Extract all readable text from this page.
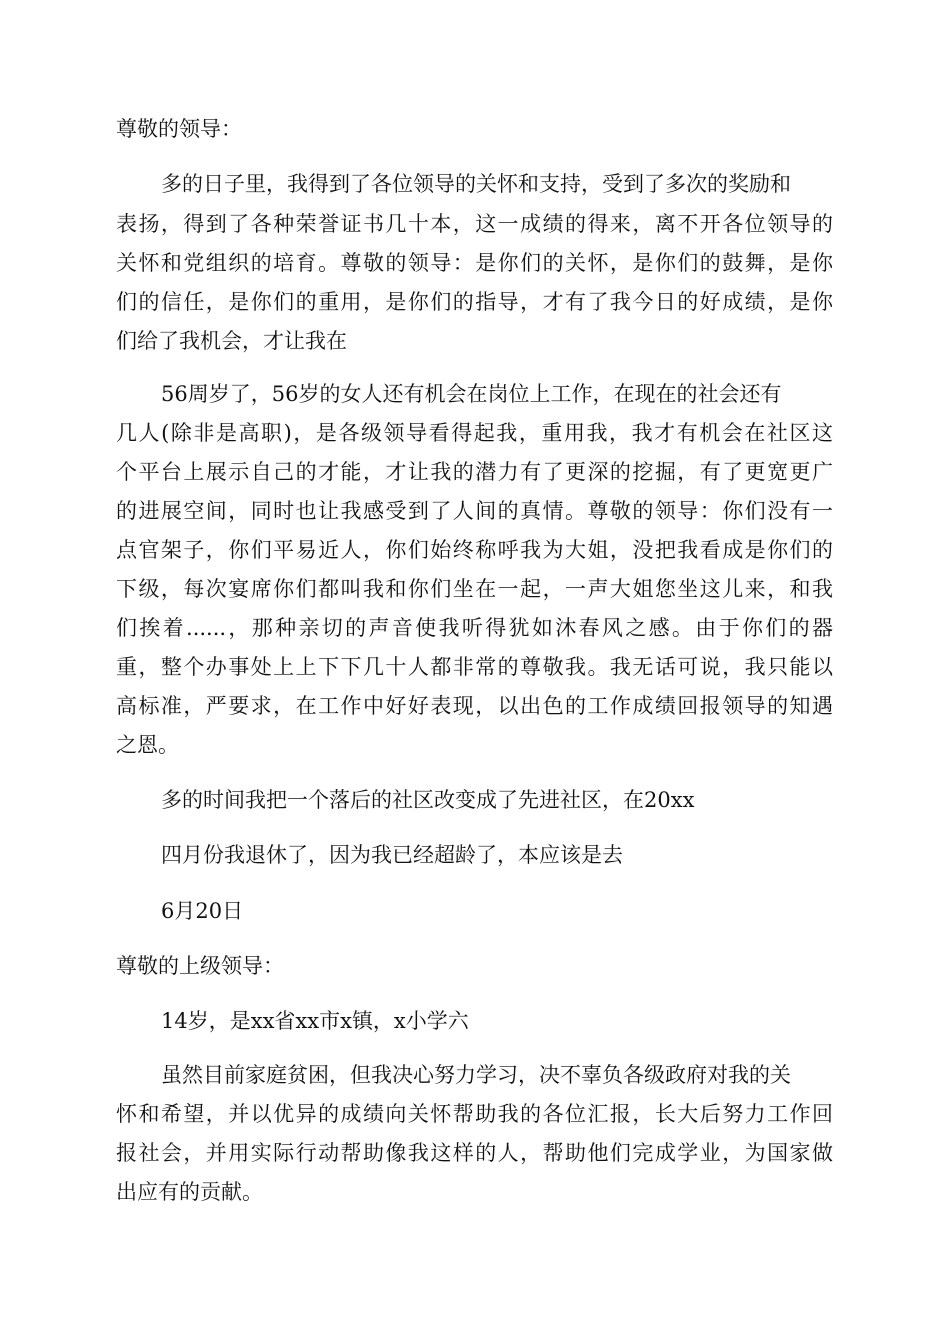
尊敬的领导：
多的日子里，我得到了各位领导的关怀和支持，受到了多次的奖励和
表扬，得到了各种荣誉证书几十本，这一成绩的得来，离不开各位领导的
关怀和党组织的培育。尊敬的领导：是你们的关怀，是你们的鼓舞，是你
们的信任，是你们的重用，是你们的指导，才有了我今日的好成绩，是你
们给了我机会，才让我在
56周岁了，56岁的女人还有机会在岗位上工作，在现在的社会还有
几人(除非是高职)，是各级领导看得起我，重用我，我才有机会在社区这
个平台上展示自己的才能，才让我的潜力有了更深的挖掘，有了更宽更广
的进展空间，同时也让我感受到了人间的真情。尊敬的领导：你们没有一
点官架子，你们平易近人，你们始终称呼我为大姐，没把我看成是你们的
下级，每次宴席你们都叫我和你们坐在一起，一声大姐您坐这儿来，和我
们挨着......，那种亲切的声音使我听得犹如沐春风之感。由于你们的器
重，整个办事处上上下下几十人都非常的尊敬我。我无话可说，我只能以
高标准，严要求，在工作中好好表现，以出色的工作成绩回报领导的知遇
之恩。
多的时间我把一个落后的社区改变成了先进社区，在20xx
四月份我退休了，因为我已经超龄了，本应该是去
6月20日
尊敬的上级领导：
14岁，是xx省xx市x镇，x小学六
虽然目前家庭贫困，但我决心努力学习，决不辜负各级政府对我的关
怀和希望，并以优异的成绩向关怀帮助我的各位汇报，长大后努力工作回
报社会，并用实际行动帮助像我这样的人，帮助他们完成学业，为国家做
出应有的贡献。
